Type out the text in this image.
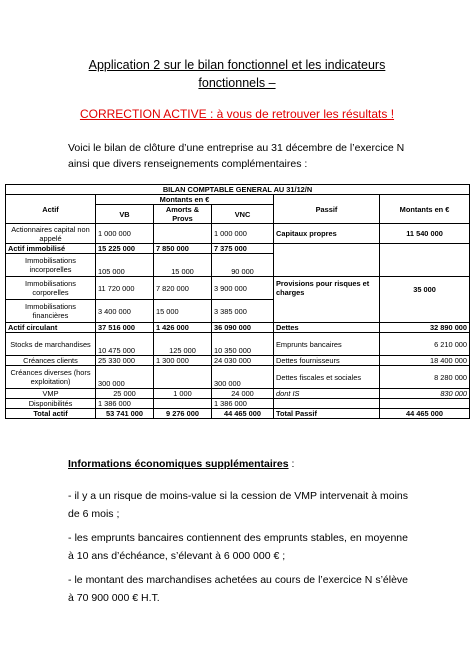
Application 2 sur le bilan fonctionnel et les indicateurs
fonctionnels –
CORRECTION ACTIVE : à vous de retrouver les résultats !
Voici le bilan de clôture d’une entreprise au 31 décembre de l’exercice N ainsi que divers renseignements complémentaires :
BILAN COMPTABLE GENERAL AU 31/12/N					
Actif	Montants en €			Passif	Montants en €
	VB	Amorts & Provs	VNC		
Actionnaires capital non appelé	1 000 000		1 000 000	Capitaux propres	11 540 000
Actif immobilisé	15 225 000	7 850 000	7 375 000		
Immobilisations incorporelles	105 000	15 000	90 000		
Immobilisations corporelles	11 720 000	7 820 000	3 900 000	Provisions pour risques et charges	35 000
Immobilisations financières	3 400 000	15 000	3 385 000		
Actif circulant	37 516 000	1 426 000	36 090 000	Dettes	32 890 000
Stocks de marchandises	10 475 000	125 000	10 350 000	Emprunts bancaires	6 210 000
Créances clients	25 330 000	1 300 000	24 030 000	Dettes fournisseurs	18 400 000
Créances diverses (hors exploitation)	300 000		300 000	Dettes fiscales et sociales	8 280 000
VMP	25 000	1 000	24 000	dont IS	830 000
Disponibilités	1 386 000		1 386 000		
Total actif	53 741 000	9 276 000	44 465 000	Total Passif	44 465 000
Informations économiques supplémentaires :

- il y a un risque de moins-value si la cession de VMP intervenait à moins de 6 mois ;

- les emprunts bancaires contiennent des emprunts stables, en moyenne à 10 ans d’échéance, s’élevant à 6 000 000 € ;

- le montant des marchandises achetées au cours de l’exercice N s’élève à 70 900 000 € H.T.
